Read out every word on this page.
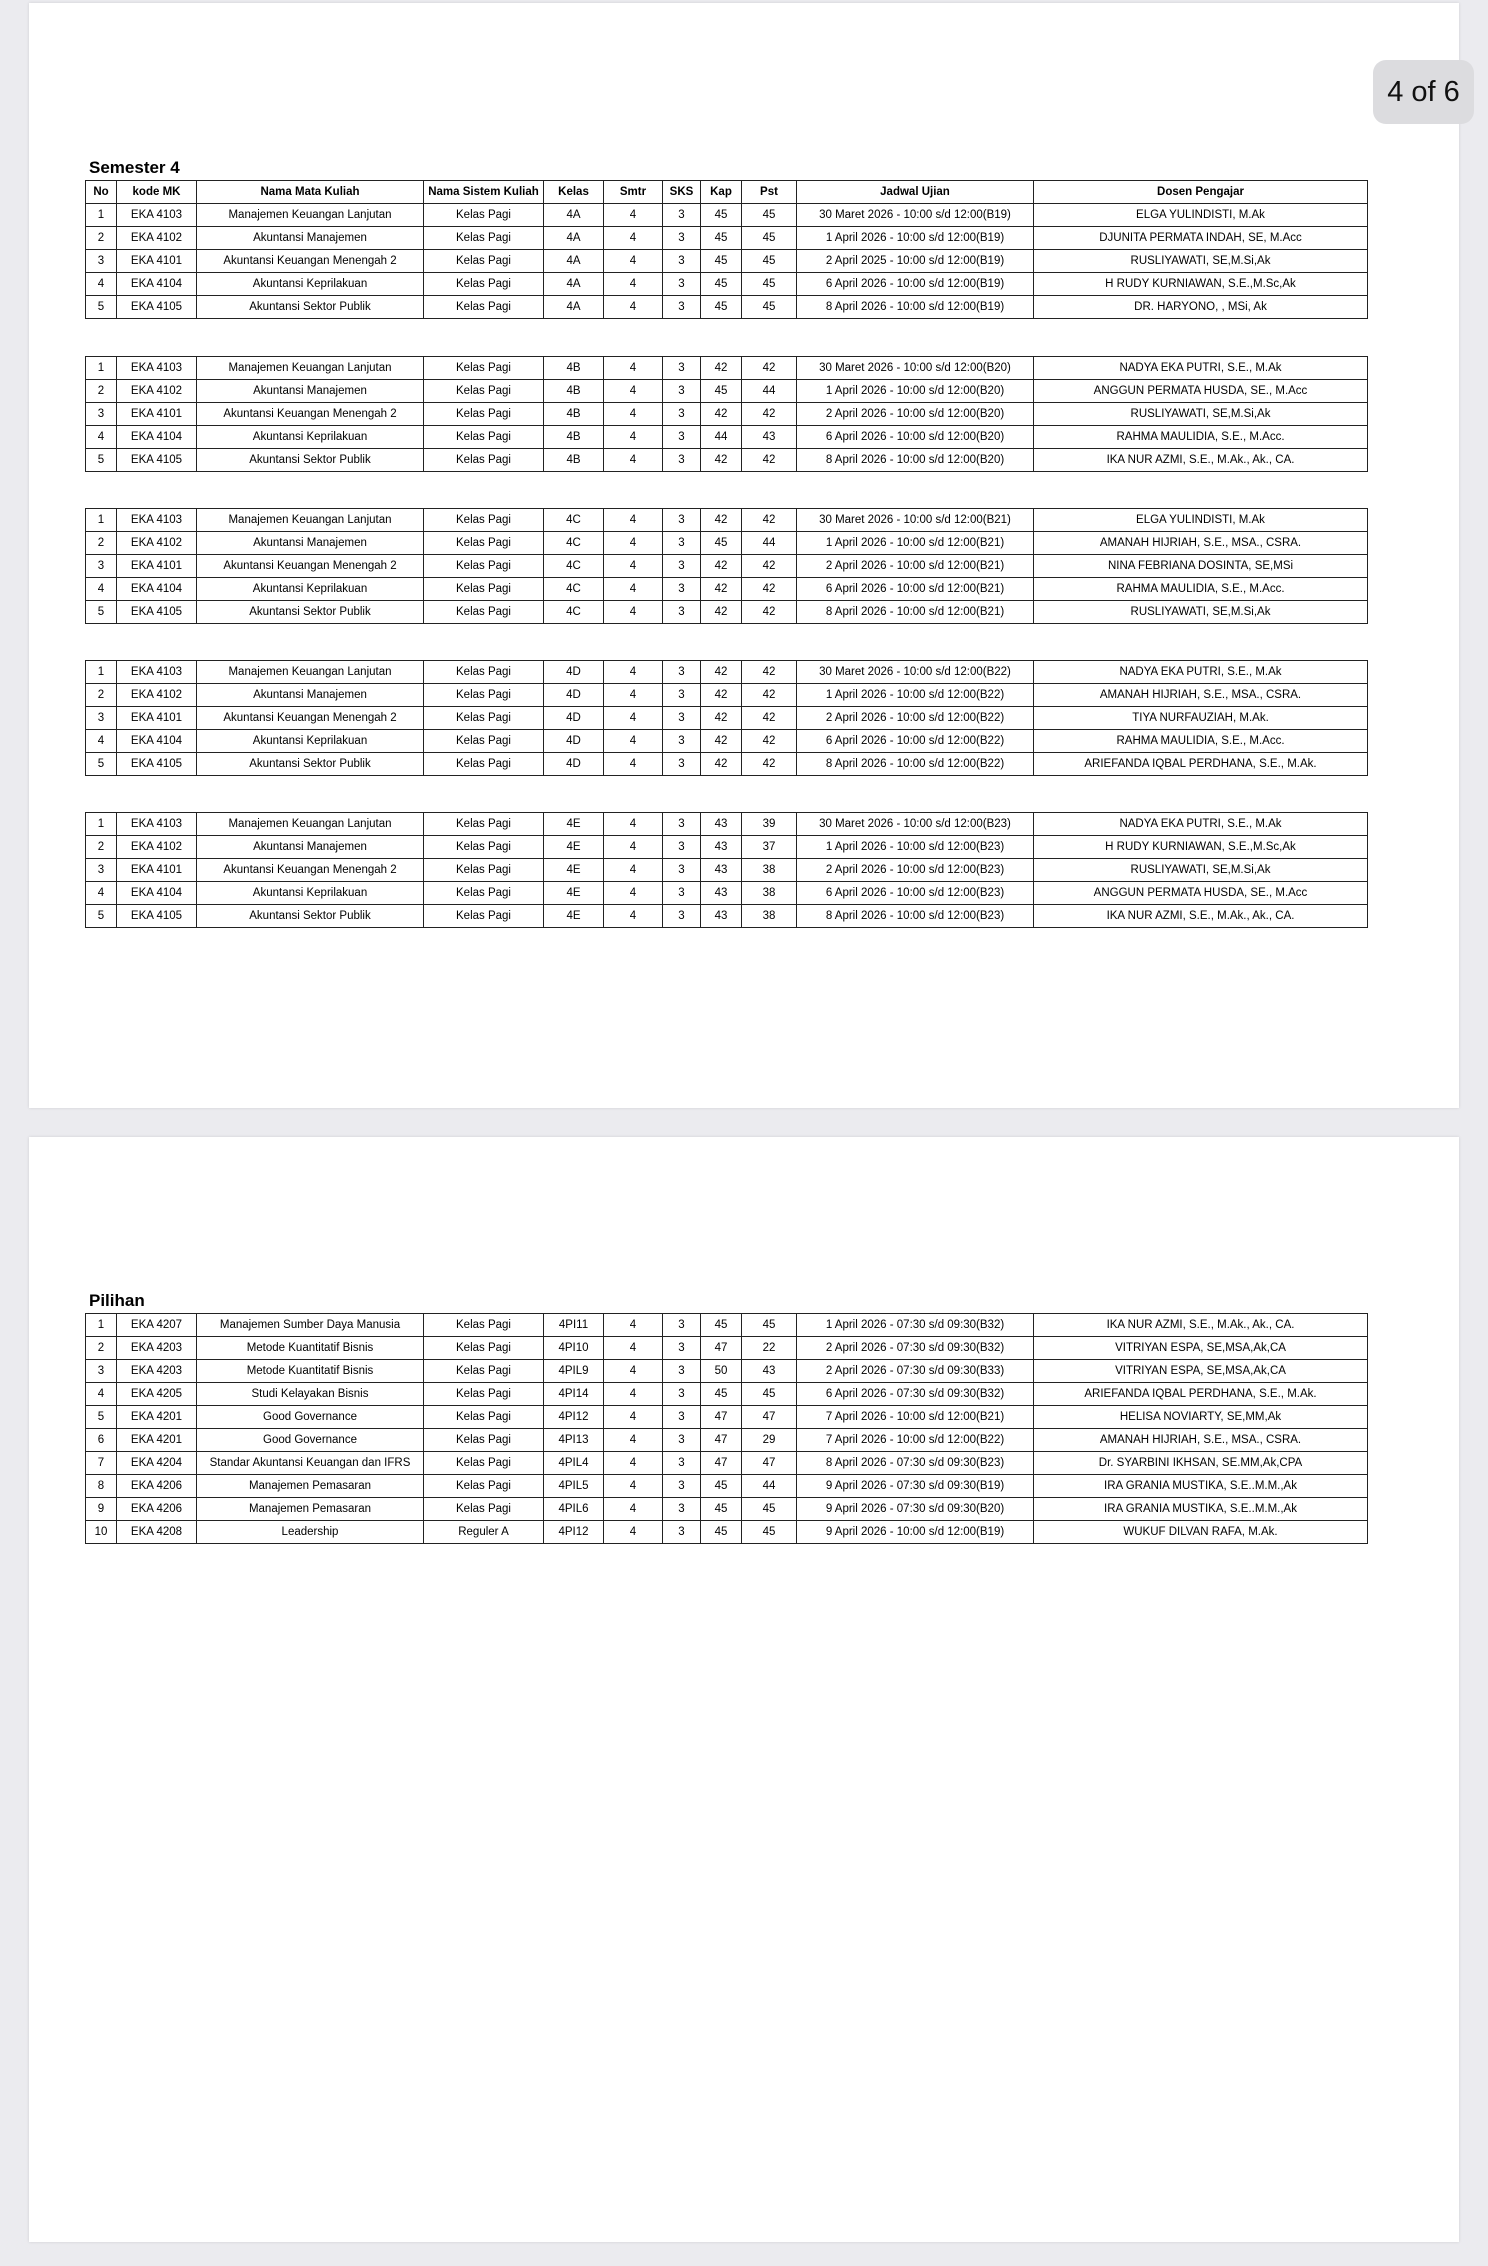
Semester 4
No	kode MK	Nama Mata Kuliah	Nama Sistem Kuliah	Kelas	Smtr	SKS	Kap	Pst	Jadwal Ujian	Dosen Pengajar
1	EKA 4103	Manajemen Keuangan Lanjutan	Kelas Pagi	4A	4	3	45	45	30 Maret 2026 - 10:00 s/d 12:00(B19)	ELGA YULINDISTI, M.Ak
2	EKA 4102	Akuntansi Manajemen	Kelas Pagi	4A	4	3	45	45	1 April 2026 - 10:00 s/d 12:00(B19)	DJUNITA PERMATA INDAH, SE, M.Acc
3	EKA 4101	Akuntansi Keuangan Menengah 2	Kelas Pagi	4A	4	3	45	45	2 April 2025 - 10:00 s/d 12:00(B19)	RUSLIYAWATI, SE,M.Si,Ak
4	EKA 4104	Akuntansi Keprilakuan	Kelas Pagi	4A	4	3	45	45	6 April 2026 - 10:00 s/d 12:00(B19)	H RUDY KURNIAWAN, S.E.,M.Sc,Ak
5	EKA 4105	Akuntansi Sektor Publik	Kelas Pagi	4A	4	3	45	45	8 April 2026 - 10:00 s/d 12:00(B19)	DR. HARYONO, , MSi, Ak
1	EKA 4103	Manajemen Keuangan Lanjutan	Kelas Pagi	4B	4	3	42	42	30 Maret 2026 - 10:00 s/d 12:00(B20)	NADYA EKA PUTRI, S.E., M.Ak
2	EKA 4102	Akuntansi Manajemen	Kelas Pagi	4B	4	3	45	44	1 April 2026 - 10:00 s/d 12:00(B20)	ANGGUN PERMATA HUSDA, SE., M.Acc
3	EKA 4101	Akuntansi Keuangan Menengah 2	Kelas Pagi	4B	4	3	42	42	2 April 2026 - 10:00 s/d 12:00(B20)	RUSLIYAWATI, SE,M.Si,Ak
4	EKA 4104	Akuntansi Keprilakuan	Kelas Pagi	4B	4	3	44	43	6 April 2026 - 10:00 s/d 12:00(B20)	RAHMA MAULIDIA, S.E., M.Acc.
5	EKA 4105	Akuntansi Sektor Publik	Kelas Pagi	4B	4	3	42	42	8 April 2026 - 10:00 s/d 12:00(B20)	IKA NUR AZMI, S.E., M.Ak., Ak., CA.
1	EKA 4103	Manajemen Keuangan Lanjutan	Kelas Pagi	4C	4	3	42	42	30 Maret 2026 - 10:00 s/d 12:00(B21)	ELGA YULINDISTI, M.Ak
2	EKA 4102	Akuntansi Manajemen	Kelas Pagi	4C	4	3	45	44	1 April 2026 - 10:00 s/d 12:00(B21)	AMANAH HIJRIAH, S.E., MSA., CSRA.
3	EKA 4101	Akuntansi Keuangan Menengah 2	Kelas Pagi	4C	4	3	42	42	2 April 2026 - 10:00 s/d 12:00(B21)	NINA FEBRIANA DOSINTA, SE,MSi
4	EKA 4104	Akuntansi Keprilakuan	Kelas Pagi	4C	4	3	42	42	6 April 2026 - 10:00 s/d 12:00(B21)	RAHMA MAULIDIA, S.E., M.Acc.
5	EKA 4105	Akuntansi Sektor Publik	Kelas Pagi	4C	4	3	42	42	8 April 2026 - 10:00 s/d 12:00(B21)	RUSLIYAWATI, SE,M.Si,Ak
1	EKA 4103	Manajemen Keuangan Lanjutan	Kelas Pagi	4D	4	3	42	42	30 Maret 2026 - 10:00 s/d 12:00(B22)	NADYA EKA PUTRI, S.E., M.Ak
2	EKA 4102	Akuntansi Manajemen	Kelas Pagi	4D	4	3	42	42	1 April 2026 - 10:00 s/d 12:00(B22)	AMANAH HIJRIAH, S.E., MSA., CSRA.
3	EKA 4101	Akuntansi Keuangan Menengah 2	Kelas Pagi	4D	4	3	42	42	2 April 2026 - 10:00 s/d 12:00(B22)	TIYA NURFAUZIAH, M.Ak.
4	EKA 4104	Akuntansi Keprilakuan	Kelas Pagi	4D	4	3	42	42	6 April 2026 - 10:00 s/d 12:00(B22)	RAHMA MAULIDIA, S.E., M.Acc.
5	EKA 4105	Akuntansi Sektor Publik	Kelas Pagi	4D	4	3	42	42	8 April 2026 - 10:00 s/d 12:00(B22)	ARIEFANDA IQBAL PERDHANA, S.E., M.Ak.
1	EKA 4103	Manajemen Keuangan Lanjutan	Kelas Pagi	4E	4	3	43	39	30 Maret 2026 - 10:00 s/d 12:00(B23)	NADYA EKA PUTRI, S.E., M.Ak
2	EKA 4102	Akuntansi Manajemen	Kelas Pagi	4E	4	3	43	37	1 April 2026 - 10:00 s/d 12:00(B23)	H RUDY KURNIAWAN, S.E.,M.Sc,Ak
3	EKA 4101	Akuntansi Keuangan Menengah 2	Kelas Pagi	4E	4	3	43	38	2 April 2026 - 10:00 s/d 12:00(B23)	RUSLIYAWATI, SE,M.Si,Ak
4	EKA 4104	Akuntansi Keprilakuan	Kelas Pagi	4E	4	3	43	38	6 April 2026 - 10:00 s/d 12:00(B23)	ANGGUN PERMATA HUSDA, SE., M.Acc
5	EKA 4105	Akuntansi Sektor Publik	Kelas Pagi	4E	4	3	43	38	8 April 2026 - 10:00 s/d 12:00(B23)	IKA NUR AZMI, S.E., M.Ak., Ak., CA.
Pilihan
1	EKA 4207	Manajemen Sumber Daya Manusia	Kelas Pagi	4PI11	4	3	45	45	1 April 2026 - 07:30 s/d 09:30(B32)	IKA NUR AZMI, S.E., M.Ak., Ak., CA.
2	EKA 4203	Metode Kuantitatif Bisnis	Kelas Pagi	4PI10	4	3	47	22	2 April 2026 - 07:30 s/d 09:30(B32)	VITRIYAN ESPA, SE,MSA,Ak,CA
3	EKA 4203	Metode Kuantitatif Bisnis	Kelas Pagi	4PIL9	4	3	50	43	2 April 2026 - 07:30 s/d 09:30(B33)	VITRIYAN ESPA, SE,MSA,Ak,CA
4	EKA 4205	Studi Kelayakan Bisnis	Kelas Pagi	4PI14	4	3	45	45	6 April 2026 - 07:30 s/d 09:30(B32)	ARIEFANDA IQBAL PERDHANA, S.E., M.Ak.
5	EKA 4201	Good Governance	Kelas Pagi	4PI12	4	3	47	47	7 April 2026 - 10:00 s/d 12:00(B21)	HELISA NOVIARTY, SE,MM,Ak
6	EKA 4201	Good Governance	Kelas Pagi	4PI13	4	3	47	29	7 April 2026 - 10:00 s/d 12:00(B22)	AMANAH HIJRIAH, S.E., MSA., CSRA.
7	EKA 4204	Standar Akuntansi Keuangan dan IFRS	Kelas Pagi	4PIL4	4	3	47	47	8 April 2026 - 07:30 s/d 09:30(B23)	Dr. SYARBINI IKHSAN, SE.MM,Ak,CPA
8	EKA 4206	Manajemen Pemasaran	Kelas Pagi	4PIL5	4	3	45	44	9 April 2026 - 07:30 s/d 09:30(B19)	IRA GRANIA MUSTIKA, S.E..M.M.,Ak
9	EKA 4206	Manajemen Pemasaran	Kelas Pagi	4PIL6	4	3	45	45	9 April 2026 - 07:30 s/d 09:30(B20)	IRA GRANIA MUSTIKA, S.E..M.M.,Ak
10	EKA 4208	Leadership	Reguler A	4PI12	4	3	45	45	9 April 2026 - 10:00 s/d 12:00(B19)	WUKUF DILVAN RAFA, M.Ak.
4 of 6
